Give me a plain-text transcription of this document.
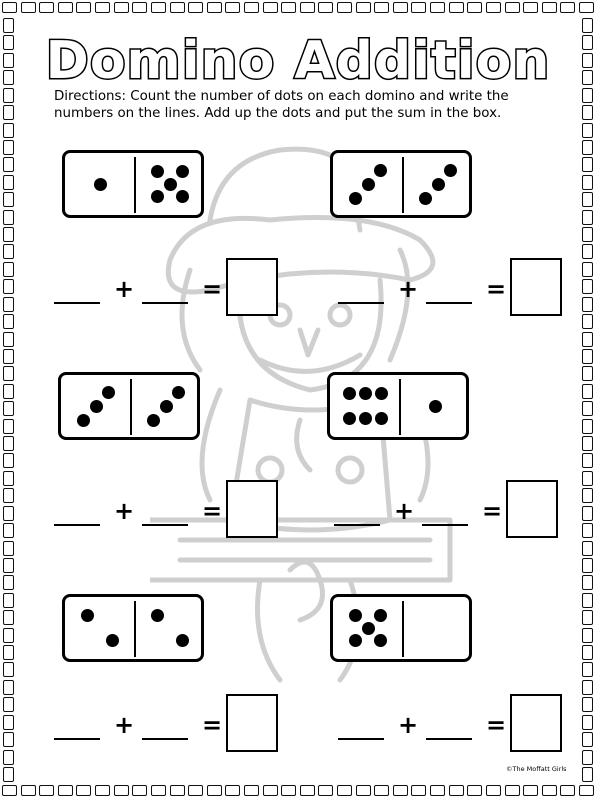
Domino Addition
Directions: Count the number of dots on each domino and write the numbers on the lines. Add up the dots and put the sum in the box.
+	=	+	=
+	=	+	=
+	=	+	=
©The Moffatt Girls
